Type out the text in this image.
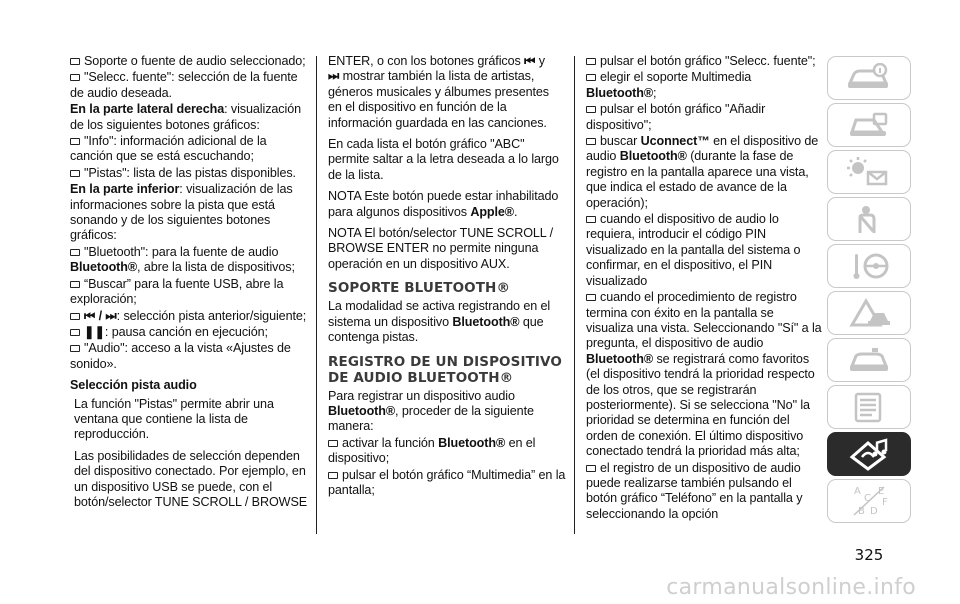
Soporte o fuente de audio seleccionado;
"Selecc. fuente": selección de la fuente de audio deseada.
En la parte lateral derecha: visualización de los siguientes botones gráficos:
"Info": información adicional de la canción que se está escuchando;
"Pistas": lista de las pistas disponibles.
En la parte inferior: visualización de las informaciones sobre la pista que está sonando y de los siguientes botones gráficos:
"Bluetooth": para la fuente de audio Bluetooth®, abre la lista de dispositivos;
“Buscar” para la fuente USB, abre la exploración;
⏮ / ⏭: selección pista anterior/siguiente;
❚❚: pausa canción en ejecución;
"Audio": acceso a la vista «Ajustes de sonido».
Selección pista audio
La función "Pistas" permite abrir una ventana que contiene la lista de reproducción.
Las posibilidades de selección dependen del dispositivo conectado. Por ejemplo, en un dispositivo USB se puede, con el botón/selector TUNE SCROLL / BROWSE
ENTER, o con los botones gráficos ⏮ y
⏭ mostrar también la lista de artistas, géneros musicales y álbumes presentes en el dispositivo en función de la información guardada en las canciones.
En cada lista el botón gráfico "ABC" permite saltar a la letra deseada a lo largo de la lista.
NOTA Este botón puede estar inhabilitado para algunos dispositivos Apple®.
NOTA El botón/selector TUNE SCROLL / BROWSE ENTER no permite ninguna operación en un dispositivo AUX.
SOPORTE BLUETOOTH®
La modalidad se activa registrando en el sistema un dispositivo Bluetooth® que contenga pistas.
REGISTRO DE UN DISPOSITIVO DE AUDIO BLUETOOTH®
Para registrar un dispositivo audio Bluetooth®, proceder de la siguiente manera:
activar la función Bluetooth® en el dispositivo;
pulsar el botón gráfico “Multimedia” en la pantalla;
pulsar el botón gráfico "Selecc. fuente";
elegir el soporte Multimedia Bluetooth®;
pulsar el botón gráfico "Añadir dispositivo";
buscar Uconnect™ en el dispositivo de audio Bluetooth® (durante la fase de registro en la pantalla aparece una vista, que indica el estado de avance de la operación);
cuando el dispositivo de audio lo requiera, introducir el código PIN visualizado en la pantalla del sistema o confirmar, en el dispositivo, el PIN visualizado
cuando el procedimiento de registro termina con éxito en la pantalla se visualiza una vista. Seleccionando "Sí" a la pregunta, el dispositivo de audio Bluetooth® se registrará como favoritos (el dispositivo tendrá la prioridad respecto de los otros, que se registrarán posteriormente). Si se selecciona "No" la prioridad se determina en función del orden de conexión. El último dispositivo conectado tendrá la prioridad más alta;
el registro de un dispositivo de audio puede realizarse también pulsando el botón gráfico “Teléfono” en la pantalla y seleccionando la opción
A
C
B D
E
F
325
carmanualsonline.info
